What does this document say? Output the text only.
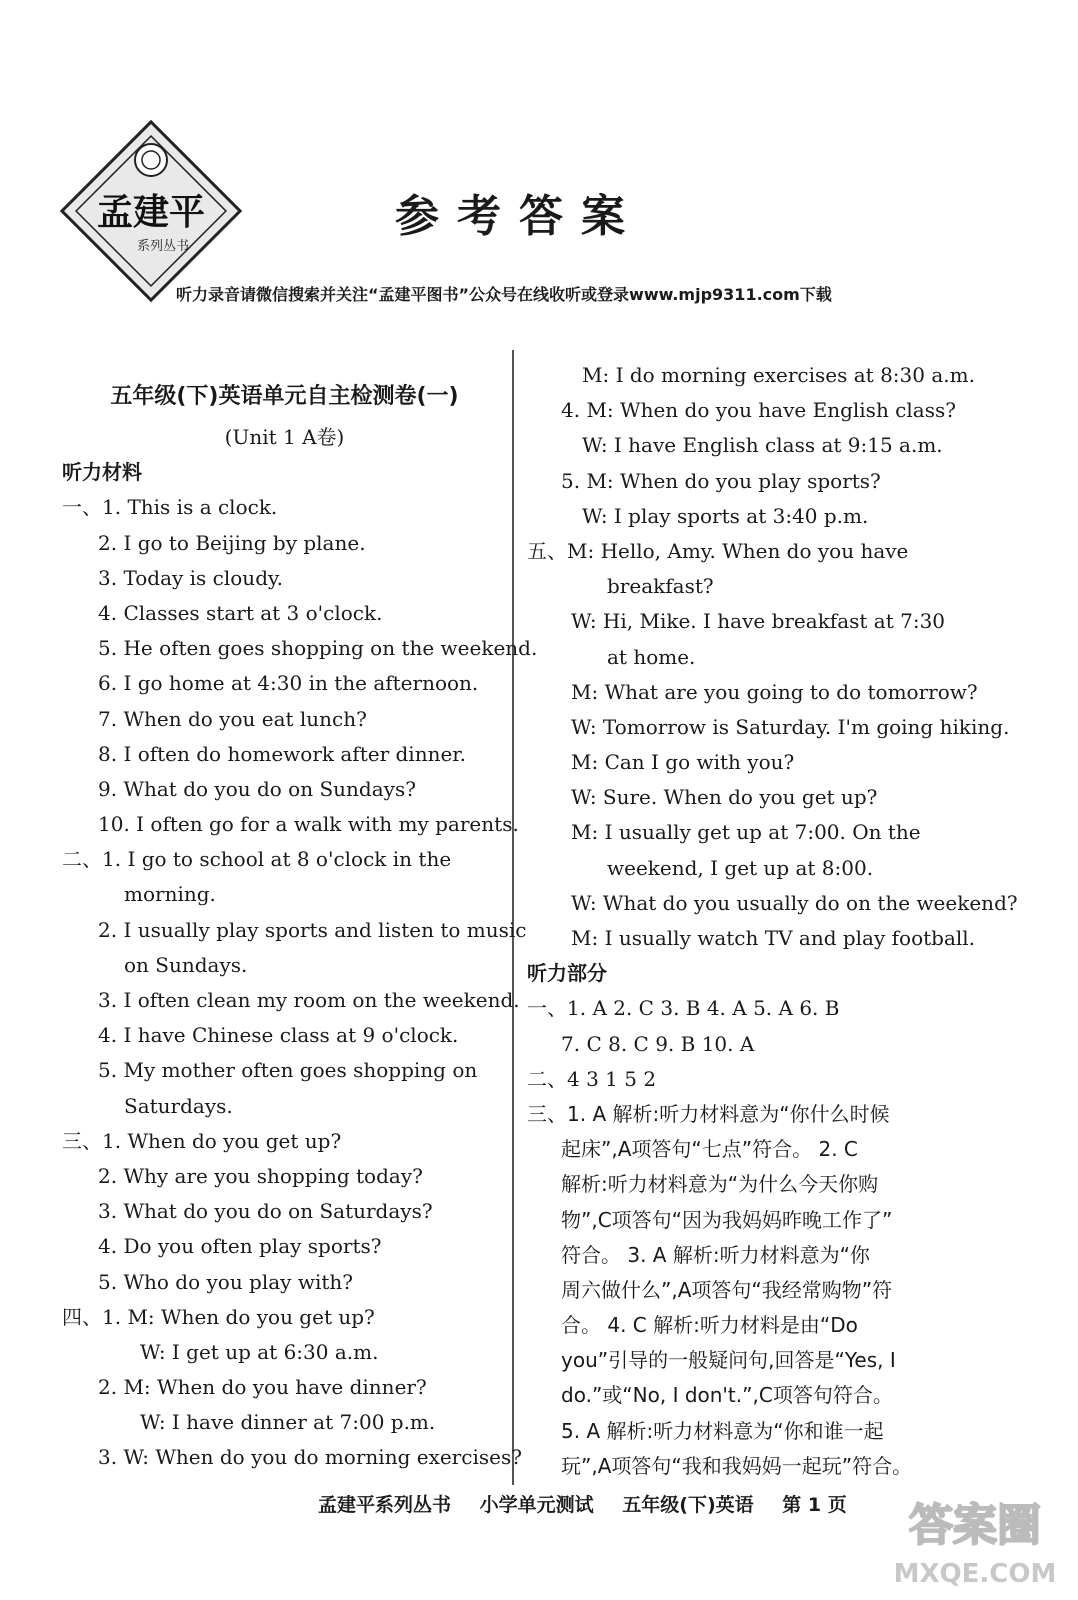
孟建平
系列丛书
参考答案
听力录音请微信搜索并关注“孟建平图书”公众号在线收听或登录www.mjp9311.com下载
五年级(下)英语单元自主检测卷(一)
(Unit 1 A卷)
听力材料
一、1. This is a clock.
2. I go to Beijing by plane.
3. Today is cloudy.
4. Classes start at 3 o'clock.
5. He often goes shopping on the weekend.
6. I go home at 4:30 in the afternoon.
7. When do you eat lunch?
8. I often do homework after dinner.
9. What do you do on Sundays?
10. I often go for a walk with my parents.
二、1. I go to school at 8 o'clock in the
morning.
2. I usually play sports and listen to music
on Sundays.
3. I often clean my room on the weekend.
4. I have Chinese class at 9 o'clock.
5. My mother often goes shopping on
Saturdays.
三、1. When do you get up?
2. Why are you shopping today?
3. What do you do on Saturdays?
4. Do you often play sports?
5. Who do you play with?
四、1. M: When do you get up?
W: I get up at 6:30 a.m.
2. M: When do you have dinner?
W: I have dinner at 7:00 p.m.
3. W: When do you do morning exercises?
M: I do morning exercises at 8:30 a.m.
4. M: When do you have English class?
W: I have English class at 9:15 a.m.
5. M: When do you play sports?
W: I play sports at 3:40 p.m.
五、M: Hello, Amy. When do you have
breakfast?
W: Hi, Mike. I have breakfast at 7:30
at home.
M: What are you going to do tomorrow?
W: Tomorrow is Saturday. I'm going hiking.
M: Can I go with you?
W: Sure. When do you get up?
M: I usually get up at 7:00. On the
weekend, I get up at 8:00.
W: What do you usually do on the weekend?
M: I usually watch TV and play football.
听力部分
一、1. A 2. C 3. B 4. A 5. A 6. B
7. C 8. C 9. B 10. A
二、4 3 1 5 2
三、1. A 解析:听力材料意为“你什么时候
起床”,A项答句“七点”符合。 2. C
解析:听力材料意为“为什么今天你购
物”,C项答句“因为我妈妈昨晚工作了”
符合。 3. A 解析:听力材料意为“你
周六做什么”,A项答句“我经常购物”符
合。 4. C 解析:听力材料是由“Do
you”引导的一般疑问句,回答是“Yes, I
do.”或“No, I don't.”,C项答句符合。
5. A 解析:听力材料意为“你和谁一起
玩”,A项答句“我和我妈妈一起玩”符合。
孟建平系列丛书 小学单元测试 五年级(下)英语 第 1 页	答案圈
MXQE.COM
